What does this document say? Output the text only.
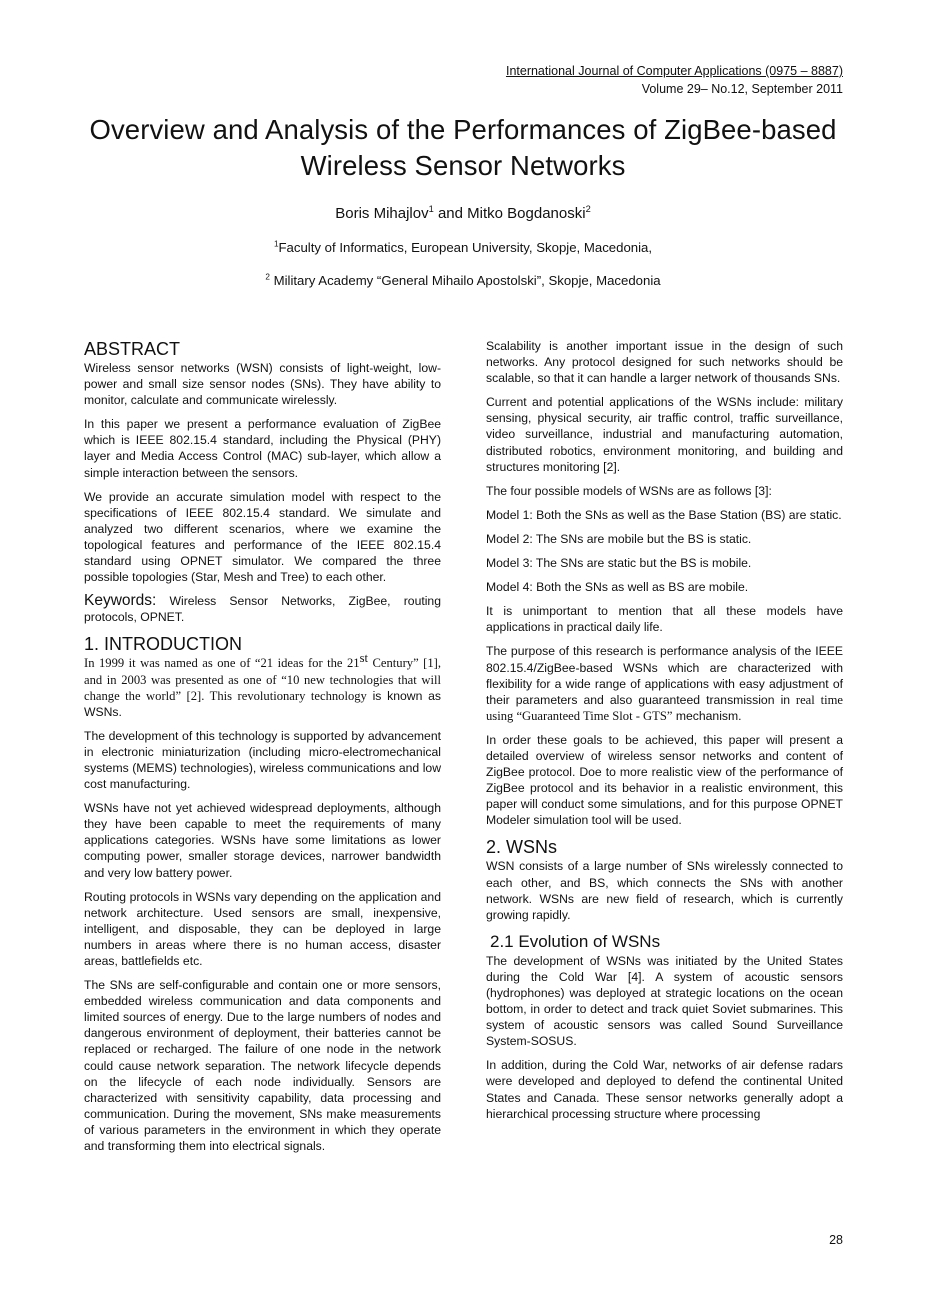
International Journal of Computer Applications (0975 – 8887)
Volume 29– No.12, September 2011
Overview and Analysis of the Performances of ZigBee-based Wireless Sensor Networks
Boris Mihajlov$^1$ and Mitko Bogdanoski$^2$
$^1$Faculty of Informatics, European University, Skopje, Macedonia,
$^2$ Military Academy “General Mihailo Apostolski”, Skopje, Macedonia
ABSTRACT

Wireless sensor networks (WSN) consists of light-weight, low-power and small size sensor nodes (SNs). They have ability to monitor, calculate and communicate wirelessly.

In this paper we present a performance evaluation of ZigBee which is IEEE 802.15.4 standard, including the Physical (PHY) layer and Media Access Control (MAC) sub-layer, which allow a simple interaction between the sensors.

We provide an accurate simulation model with respect to the specifications of IEEE 802.15.4 standard. We simulate and analyzed two different scenarios, where we examine the topological features and performance of the IEEE 802.15.4 standard using OPNET simulator. We compared the three possible topologies (Star, Mesh and Tree) to each other.

Keywords: Wireless Sensor Networks, ZigBee, routing protocols, OPNET.

1. INTRODUCTION

In 1999 it was named as one of “21 ideas for the 21st Century” [1], and in 2003 was presented as one of “10 new technologies that will change the world” [2]. This revolutionary technology is known as WSNs.

The development of this technology is supported by advancement in electronic miniaturization (including micro-electromechanical systems (MEMS) technologies), wireless communications and low cost manufacturing.

WSNs have not yet achieved widespread deployments, although they have been capable to meet the requirements of many applications categories. WSNs have some limitations as lower computing power, smaller storage devices, narrower bandwidth and very low battery power.

Routing protocols in WSNs vary depending on the application and network architecture. Used sensors are small, inexpensive, intelligent, and disposable, they can be deployed in large numbers in areas where there is no human access, disaster areas, battlefields etc.

The SNs are self-configurable and contain one or more sensors, embedded wireless communication and data components and limited sources of energy. Due to the large numbers of nodes and dangerous environment of deployment, their batteries cannot be replaced or recharged. The failure of one node in the network could cause network separation. The network lifecycle depends on the lifecycle of each node individually. Sensors are characterized with sensitivity capability, data processing and communication. During the movement, SNs make measurements of various parameters in the environment in which they operate and transforming them into electrical signals.

Scalability is another important issue in the design of such networks. Any protocol designed for such networks should be scalable, so that it can handle a larger network of thousands SNs.

Current and potential applications of the WSNs include: military sensing, physical security, air traffic control, traffic surveillance, video surveillance, industrial and manufacturing automation, distributed robotics, environment monitoring, and building and structures monitoring [2].

The four possible models of WSNs are as follows [3]:

Model 1: Both the SNs as well as the Base Station (BS) are static.

Model 2: The SNs are mobile but the BS is static.

Model 3: The SNs are static but the BS is mobile.

Model 4: Both the SNs as well as BS are mobile.

It is unimportant to mention that all these models have applications in practical daily life.

The purpose of this research is performance analysis of the IEEE 802.15.4/ZigBee-based WSNs which are characterized with flexibility for a wide range of applications with easy adjustment of their parameters and also guaranteed transmission in real time using “Guaranteed Time Slot - GTS” mechanism.

In order these goals to be achieved, this paper will present a detailed overview of wireless sensor networks and content of ZigBee protocol. Doe to more realistic view of the performance of ZigBee protocol and its behavior in a realistic environment, this paper will conduct some simulations, and for this purpose OPNET Modeler simulation tool will be used.

2. WSNs

WSN consists of a large number of SNs wirelessly connected to each other, and BS, which connects the SNs with another network. WSNs are new field of research, which is currently growing rapidly.

2.1 Evolution of WSNs

The development of WSNs was initiated by the United States during the Cold War [4]. A system of acoustic sensors (hydrophones) was deployed at strategic locations on the ocean bottom, in order to detect and track quiet Soviet submarines. This system of acoustic sensors was called Sound Surveillance System-SOSUS.

In addition, during the Cold War, networks of air defense radars were developed and deployed to defend the continental United States and Canada. These sensor networks generally adopt a hierarchical processing structure where processing

28
